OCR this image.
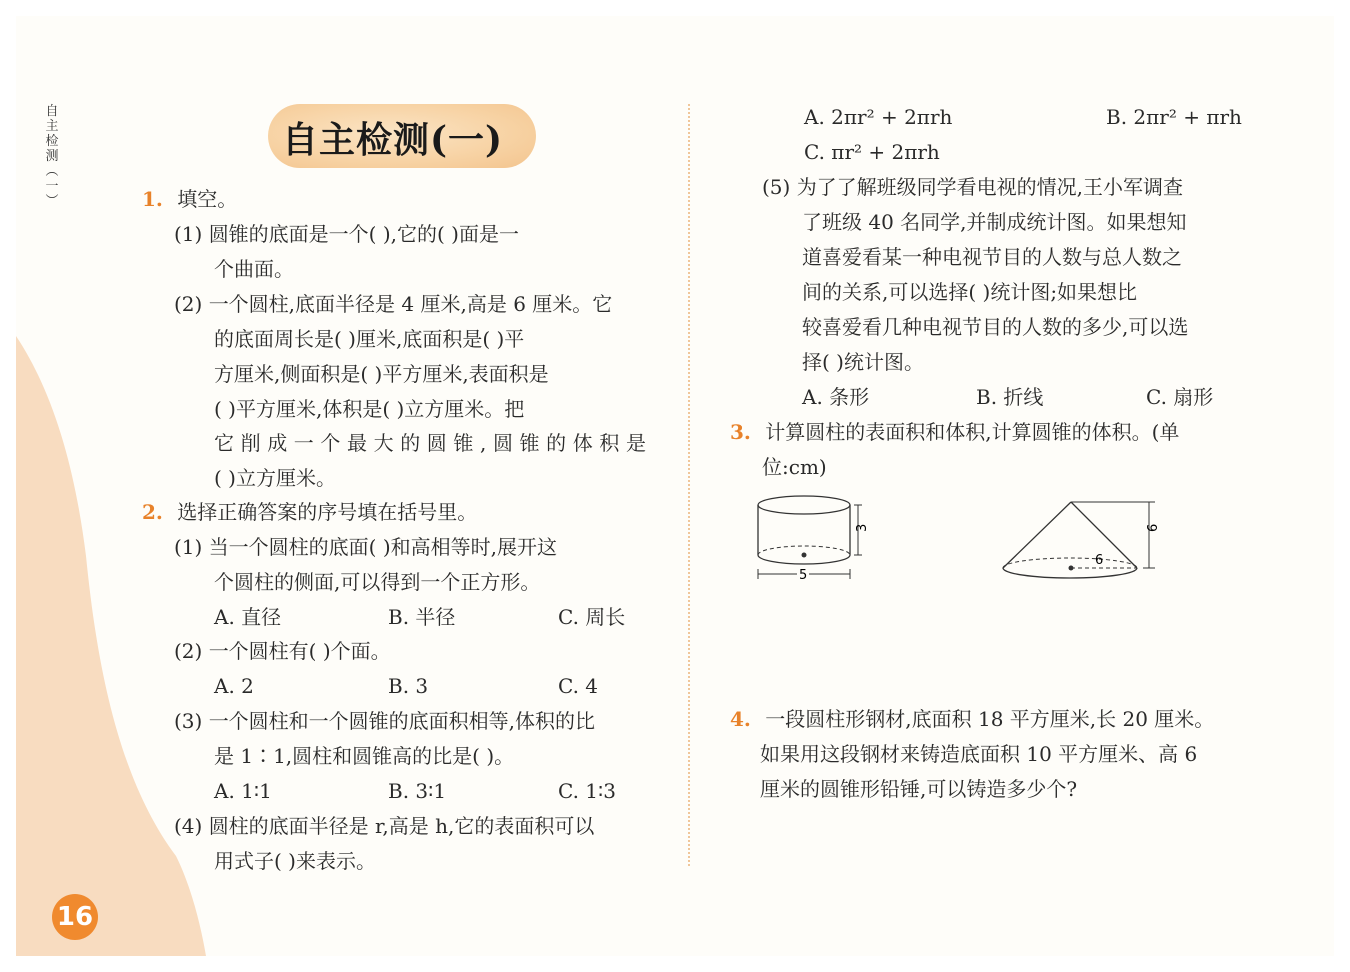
自
主
检
测
︵
一
︶
自主检测(一)
1. 填空。
(1) 圆锥的底面是一个( ),它的( )面是一
个曲面。
(2) 一个圆柱,底面半径是 4 厘米,高是 6 厘米。它
的底面周长是( )厘米,底面积是( )平
方厘米,侧面积是( )平方厘米,表面积是
( )平方厘米,体积是( )立方厘米。把
它削成一个最大的圆锥,圆锥的体积是
( )立方厘米。
2. 选择正确答案的序号填在括号里。
(1) 当一个圆柱的底面( )和高相等时,展开这
个圆柱的侧面,可以得到一个正方形。
A. 直径	B. 半径	C. 周长
(2) 一个圆柱有( )个面。
A. 2	B. 3	C. 4
(3) 一个圆柱和一个圆锥的底面积相等,体积的比
是 1∶1,圆柱和圆锥高的比是( )。
A. 1∶1	B. 3∶1	C. 1∶3
(4) 圆柱的底面半径是 r,高是 h,它的表面积可以
用式子( )来表示。
A. 2πr² + 2πrh	B. 2πr² + πrh
C. πr² + 2πrh
(5) 为了了解班级同学看电视的情况,王小军调查
了班级 40 名同学,并制成统计图。如果想知
道喜爱看某一种电视节目的人数与总人数之
间的关系,可以选择( )统计图;如果想比
较喜爱看几种电视节目的人数的多少,可以选
择( )统计图。
A. 条形	B. 折线	C. 扇形
3. 计算圆柱的表面积和体积,计算圆锥的体积。(单
位:cm)
4. 一段圆柱形钢材,底面积 18 平方厘米,长 20 厘米。
如果用这段钢材来铸造底面积 10 平方厘米、高 6
厘米的圆锥形铅锤,可以铸造多少个?
3
5
6
6
16
